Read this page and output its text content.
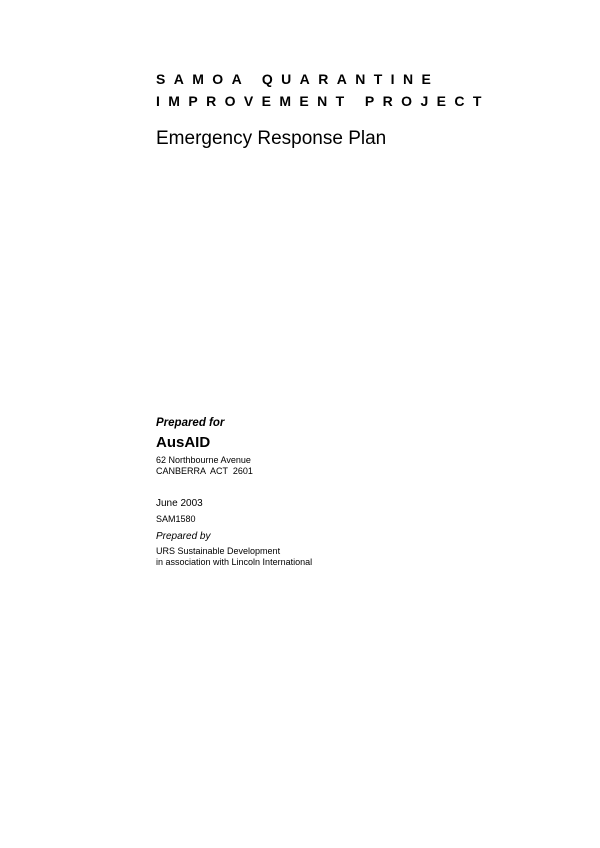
SAMOA QUARANTINE
IMPROVEMENT PROJECT
Emergency Response Plan
Prepared for
AusAID
62 Northbourne Avenue
CANBERRA  ACT  2601
June 2003
SAM1580
Prepared by
URS Sustainable Development
in association with Lincoln International
